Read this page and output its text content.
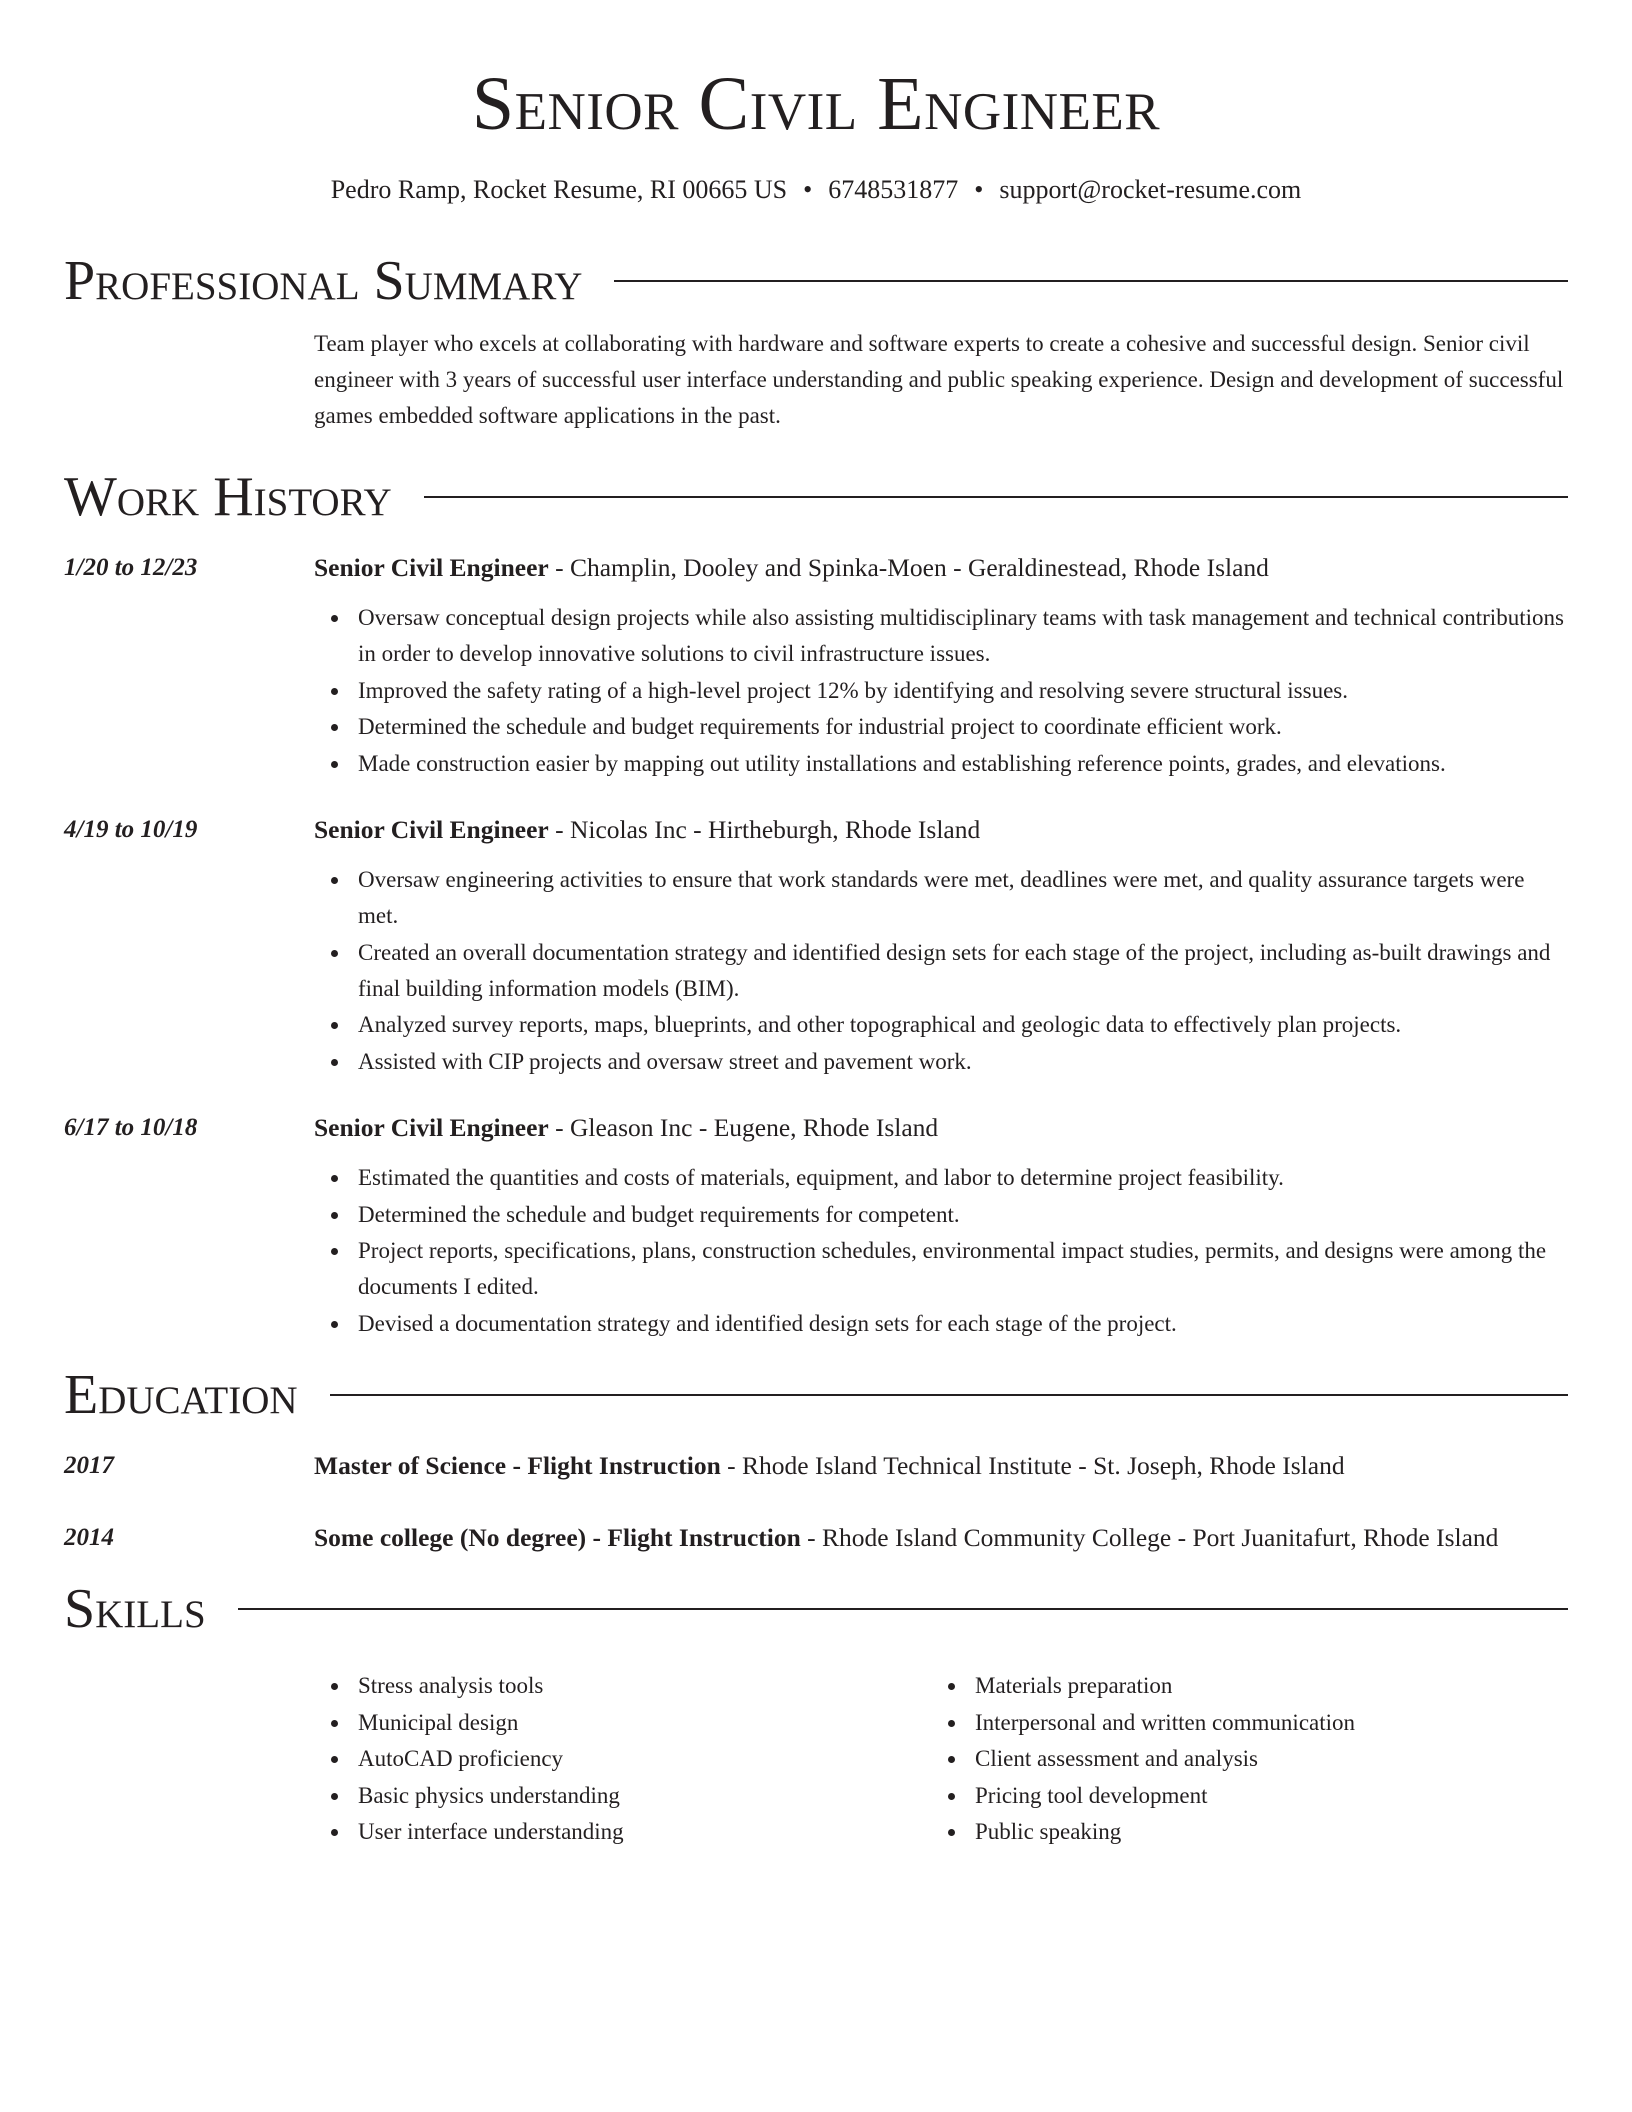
Senior Civil Engineer
Pedro Ramp, Rocket Resume, RI 00665 US • 6748531877 • support@rocket-resume.com
Professional Summary

Team player who excels at collaborating with hardware and software experts to create a cohesive and successful design. Senior civil engineer with 3 years of successful user interface understanding and public speaking experience. Design and development of successful games embedded software applications in the past.

Work History
1/20 to 12/23	Senior Civil Engineer - Champlin, Dooley and Spinka-Moen - Geraldinestead, Rhode Island
Oversaw conceptual design projects while also assisting multidisciplinary teams with task management and technical contributions in order to develop innovative solutions to civil infrastructure issues.
Improved the safety rating of a high-level project 12% by identifying and resolving severe structural issues.
Determined the schedule and budget requirements for industrial project to coordinate efficient work.
Made construction easier by mapping out utility installations and establishing reference points, grades, and elevations.
4/19 to 10/19	Senior Civil Engineer - Nicolas Inc - Hirtheburgh, Rhode Island
Oversaw engineering activities to ensure that work standards were met, deadlines were met, and quality assurance targets were met.
Created an overall documentation strategy and identified design sets for each stage of the project, including as-built drawings and final building information models (BIM).
Analyzed survey reports, maps, blueprints, and other topographical and geologic data to effectively plan projects.
Assisted with CIP projects and oversaw street and pavement work.
6/17 to 10/18	Senior Civil Engineer - Gleason Inc - Eugene, Rhode Island
Estimated the quantities and costs of materials, equipment, and labor to determine project feasibility.
Determined the schedule and budget requirements for competent.
Project reports, specifications, plans, construction schedules, environmental impact studies, permits, and designs were among the documents I edited.
Devised a documentation strategy and identified design sets for each stage of the project.
Education
2017	Master of Science - Flight Instruction - Rhode Island Technical Institute - St. Joseph, Rhode Island
2014	Some college (No degree) - Flight Instruction - Rhode Island Community College - Port Juanitafurt, Rhode Island
Skills
Stress analysis tools
Municipal design
AutoCAD proficiency
Basic physics understanding
User interface understanding
Materials preparation
Interpersonal and written communication
Client assessment and analysis
Pricing tool development
Public speaking
